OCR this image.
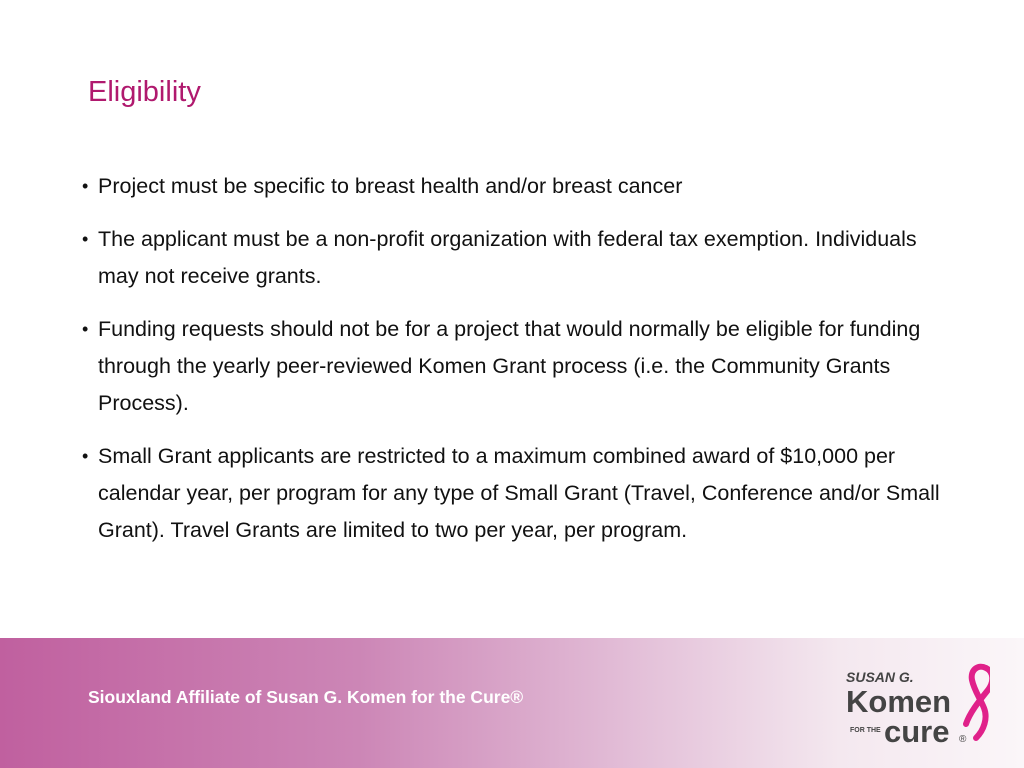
Eligibility
• Project must be specific to breast health and/or breast cancer
• The applicant must be a non-profit organization with federal tax exemption. Individuals may not receive grants.
• Funding requests should not be for a project that would normally be eligible for funding through the yearly peer-reviewed Komen Grant process (i.e. the Community Grants Process).
• Small Grant applicants are restricted to a maximum combined award of $10,000 per calendar year, per program for any type of Small Grant (Travel, Conference and/or Small Grant). Travel Grants are limited to two per year, per program.
Siouxland Affiliate of Susan G. Komen for the Cure®
SUSAN G.
Komen
FOR THE cure ®
